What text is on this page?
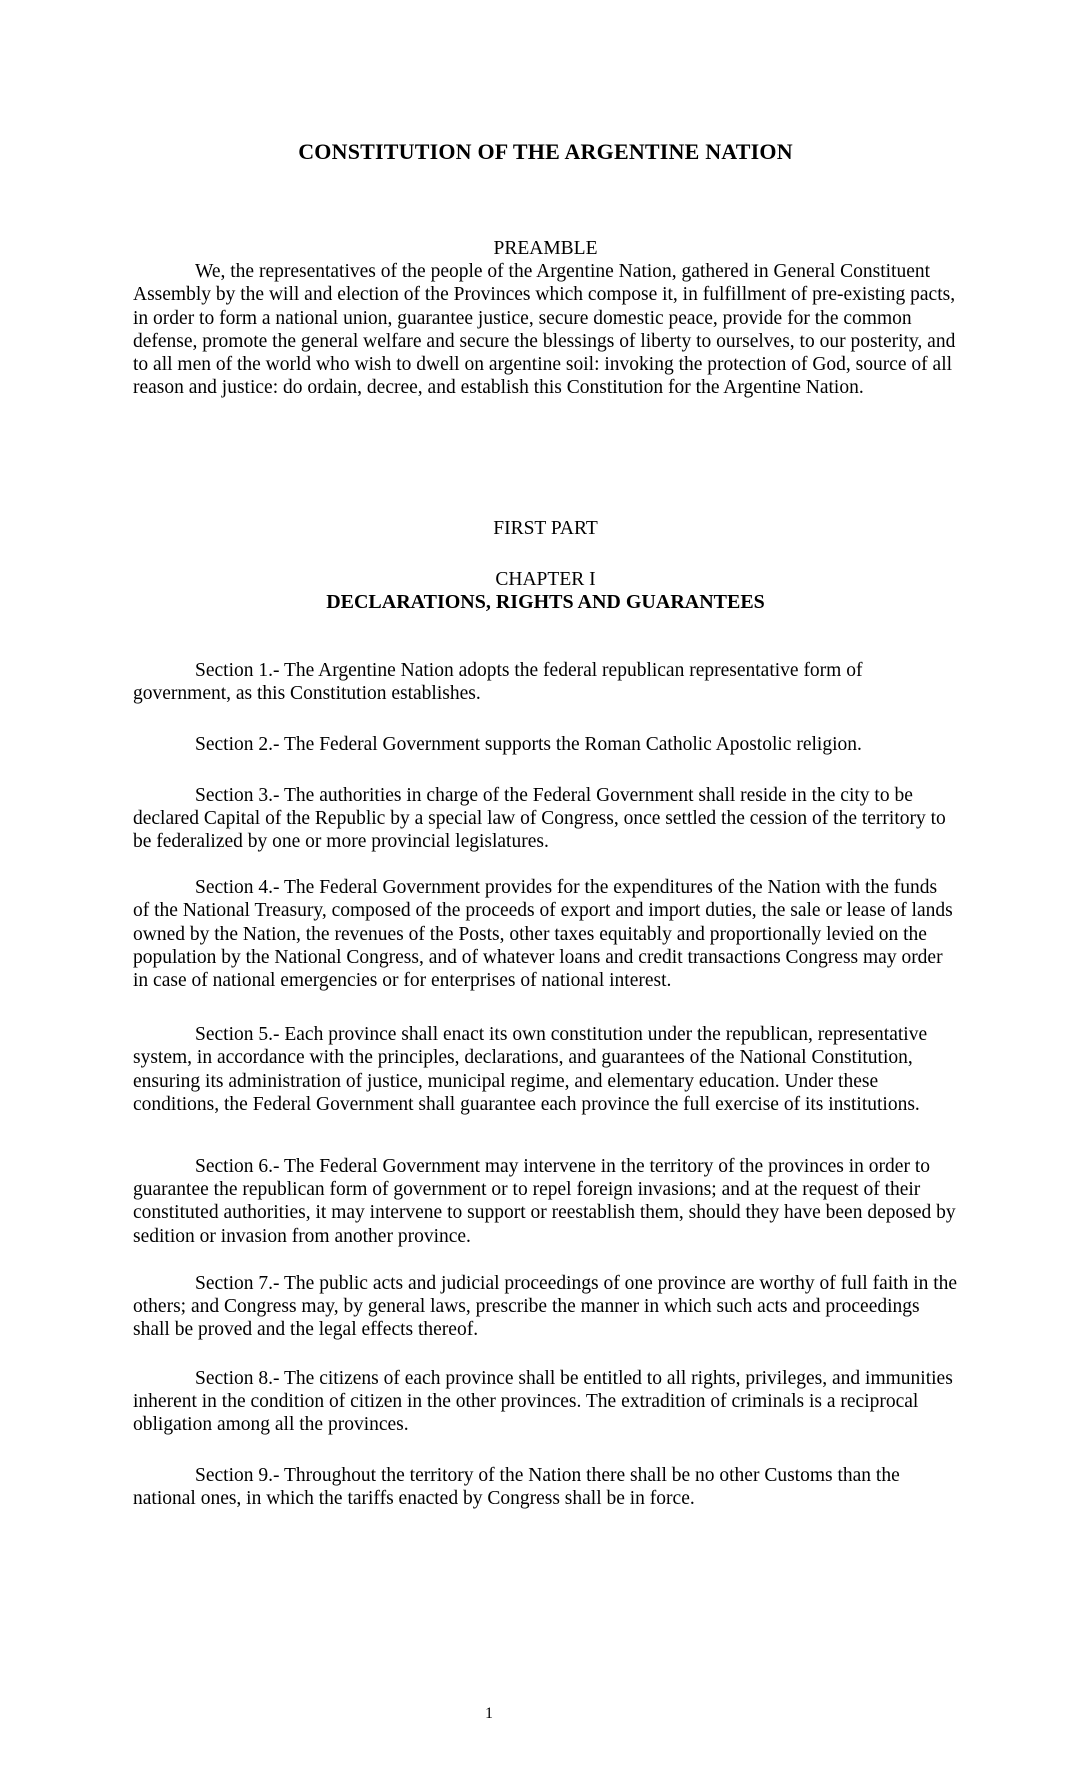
CONSTITUTION OF THE ARGENTINE NATION
PREAMBLE

We, the representatives of the people of the Argentine Nation, gathered in General Constituent Assembly by the will and election of the Provinces which compose it, in fulfillment of pre-existing pacts, in order to form a national union, guarantee justice, secure domestic peace, provide for the common defense, promote the general welfare and secure the blessings of liberty to ourselves, to our posterity, and to all men of the world who wish to dwell on argentine soil: invoking the protection of God, source of all reason and justice: do ordain, decree, and establish this Constitution for the Argentine Nation.

FIRST PART
CHAPTER I
DECLARATIONS, RIGHTS AND GUARANTEES

Section 1.- The Argentine Nation adopts the federal republican representative form of government, as this Constitution establishes.

Section 2.- The Federal Government supports the Roman Catholic Apostolic religion.

Section 3.- The authorities in charge of the Federal Government shall reside in the city to be declared Capital of the Republic by a special law of Congress, once settled the cession of the territory to be federalized by one or more provincial legislatures.

Section 4.- The Federal Government provides for the expenditures of the Nation with the funds of the National Treasury, composed of the proceeds of export and import duties, the sale or lease of lands owned by the Nation, the revenues of the Posts, other taxes equitably and proportionally levied on the population by the National Congress, and of whatever loans and credit transactions Congress may order in case of national emergencies or for enterprises of national interest.

Section 5.- Each province shall enact its own constitution under the republican, representative system, in accordance with the principles, declarations, and guarantees of the National Constitution, ensuring its administration of justice, municipal regime, and elementary education. Under these conditions, the Federal Government shall guarantee each province the full exercise of its institutions.

Section 6.- The Federal Government may intervene in the territory of the provinces in order to guarantee the republican form of government or to repel foreign invasions; and at the request of their constituted authorities, it may intervene to support or reestablish them, should they have been deposed by sedition or invasion from another province.

Section 7.- The public acts and judicial proceedings of one province are worthy of full faith in the others; and Congress may, by general laws, prescribe the manner in which such acts and proceedings shall be proved and the legal effects thereof.

Section 8.- The citizens of each province shall be entitled to all rights, privileges, and immunities inherent in the condition of citizen in the other provinces. The extradition of criminals is a reciprocal obligation among all the provinces.

Section 9.- Throughout the territory of the Nation there shall be no other Customs than the national ones, in which the tariffs enacted by Congress shall be in force.

1
